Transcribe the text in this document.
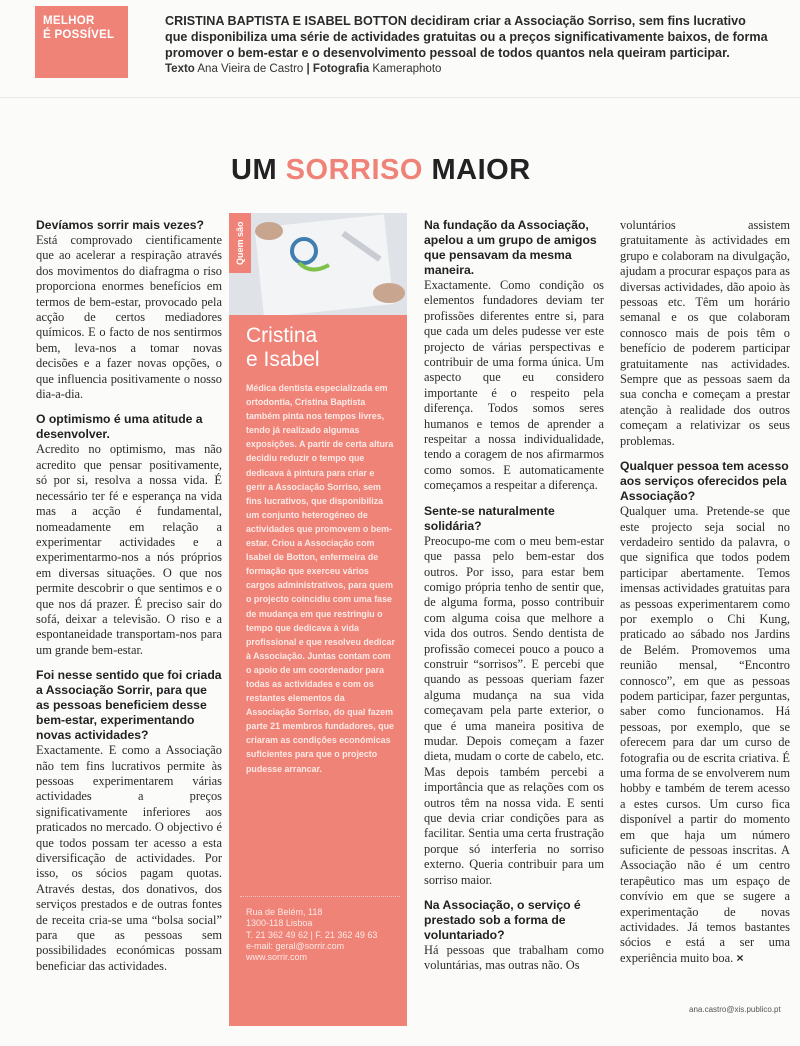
MELHOR
É POSSÍVEL

CRISTINA BAPTISTA E ISABEL BOTTON decidiram criar a Associação Sorriso, sem fins lucrativo

que disponibiliza uma série de actividades gratuitas ou a preços significativamente baixos, de forma

promover o bem-estar e o desenvolvimento pessoal de todos quantos nela queiram participar.

Texto Ana Vieira de Castro | Fotografia Kameraphoto
UM SORRISO MAIOR

Devíamos sorrir mais vezes?

Está comprovado cientificamente que ao acelerar a respiração através dos movimentos do diafragma o riso proporciona enormes benefícios em termos de bem-estar, provocado pela acção de certos mediadores químicos. E o facto de nos sentirmos bem, leva-nos a tomar novas decisões e a fazer novas opções, o que influencia positivamente o nosso dia-a-dia.

O optimismo é uma atitude a desenvolver.

Acredito no optimismo, mas não acredito que pensar positivamente, só por si, resolva a nossa vida. É necessário ter fé e esperança na vida mas a acção é fundamental, nomeadamente em relação a experimentar actividades e a experimentarmo-nos a nós próprios em diversas situações. O que nos permite descobrir o que sentimos e o que nos dá prazer. É preciso sair do sofá, deixar a televisão. O riso e a espontaneidade transportam-nos para um grande bem-estar.

Foi nesse sentido que foi criada a Associação Sorrir, para que as pessoas beneficiem desse bem-estar, experimentando novas actividades?

Exactamente. E como a Associação não tem fins lucrativos permite às pessoas experimentarem várias actividades a preços significativamente inferiores aos praticados no mercado. O objectivo é que todos possam ter acesso a esta diversificação de actividades. Por isso, os sócios pagam quotas. Através destas, dos donativos, dos serviços prestados e de outras fontes de receita cria-se uma “bolsa social” para que as pessoas sem possibilidades económicas possam beneficiar das actividades.

Quem são
Cristina
e Isabel
Médica dentista especializada em ortodontia, Cristina Baptista também pinta nos tempos livres, tendo já realizado algumas exposições. A partir de certa altura decidiu reduzir o tempo que dedicava à pintura para criar e gerir a Associação Sorriso, sem fins lucrativos, que disponibiliza um conjunto heterogéneo de actividades que promovem o bem-estar. Criou a Associação com Isabel de Botton, enfermeira de formação que exerceu vários cargos administrativos, para quem o projecto coincidiu com uma fase de mudança em que restringiu o tempo que dedicava à vida profissional e que resolveu dedicar à Associação. Juntas contam com o apoio de um coordenador para todas as actividades e com os restantes elementos da Associação Sorriso, do qual fazem parte 21 membros fundadores, que criaram as condições económicas suficientes para que o projecto pudesse arrancar.
Rua de Belém, 118
1300-118 Lisboa
T. 21 362 49 62 | F. 21 362 49 63
e-mail: geral@sorrir.com
www.sorrir.com

Na fundação da Associação, apelou a um grupo de amigos que pensavam da mesma maneira.

Exactamente. Como condição os elementos fundadores deviam ter profissões diferentes entre si, para que cada um deles pudesse ver este projecto de várias perspectivas e contribuir de uma forma única. Um aspecto que eu considero importante é o respeito pela diferença. Todos somos seres humanos e temos de aprender a respeitar a nossa individualidade, tendo a coragem de nos afirmarmos como somos. E automaticamente começamos a respeitar a diferença.

Sente-se naturalmente solidária?

Preocupo-me com o meu bem-estar que passa pelo bem-estar dos outros. Por isso, para estar bem comigo própria tenho de sentir que, de alguma forma, posso contribuir com alguma coisa que melhore a vida dos outros. Sendo dentista de profissão comecei pouco a pouco a construir “sorrisos”. E percebi que quando as pessoas queriam fazer alguma mudança na sua vida começavam pela parte exterior, o que é uma maneira positiva de mudar. Depois começam a fazer dieta, mudam o corte de cabelo, etc. Mas depois também percebi a importância que as relações com os outros têm na nossa vida. E senti que devia criar condições para as facilitar. Sentia uma certa frustração porque só interferia no sorriso externo. Queria contribuir para um sorriso maior.

Na Associação, o serviço é prestado sob a forma de voluntariado?

Há pessoas que trabalham como voluntárias, mas outras não. Os

voluntários assistem gratuitamente às actividades em grupo e colaboram na divulgação, ajudam a procurar espaços para as diversas actividades, dão apoio às pessoas etc. Têm um horário semanal e os que colaboram connosco mais de pois têm o benefício de poderem participar gratuitamente nas actividades. Sempre que as pessoas saem da sua concha e começam a prestar atenção à realidade dos outros começam a relativizar os seus problemas.

Qualquer pessoa tem acesso aos serviços oferecidos pela Associação?

Qualquer uma. Pretende-se que este projecto seja social no verdadeiro sentido da palavra, o que significa que todos podem participar abertamente. Temos imensas actividades gratuitas para as pessoas experimentarem como por exemplo o Chi Kung, praticado ao sábado nos Jardins de Belém. Promovemos uma reunião mensal, “Encontro connosco”, em que as pessoas podem participar, fazer perguntas, saber como funcionamos. Há pessoas, por exemplo, que se oferecem para dar um curso de fotografia ou de escrita criativa. É uma forma de se envolverem num hobby e também de terem acesso a estes cursos. Um curso fica disponível a partir do momento em que haja um número suficiente de pessoas inscritas. A Associação não é um centro terapêutico mas um espaço de convívio em que se sugere a experimentação de novas actividades. Já temos bastantes sócios e está a ser uma experiência muito boa. ×

ana.castro@xis.publico.pt
